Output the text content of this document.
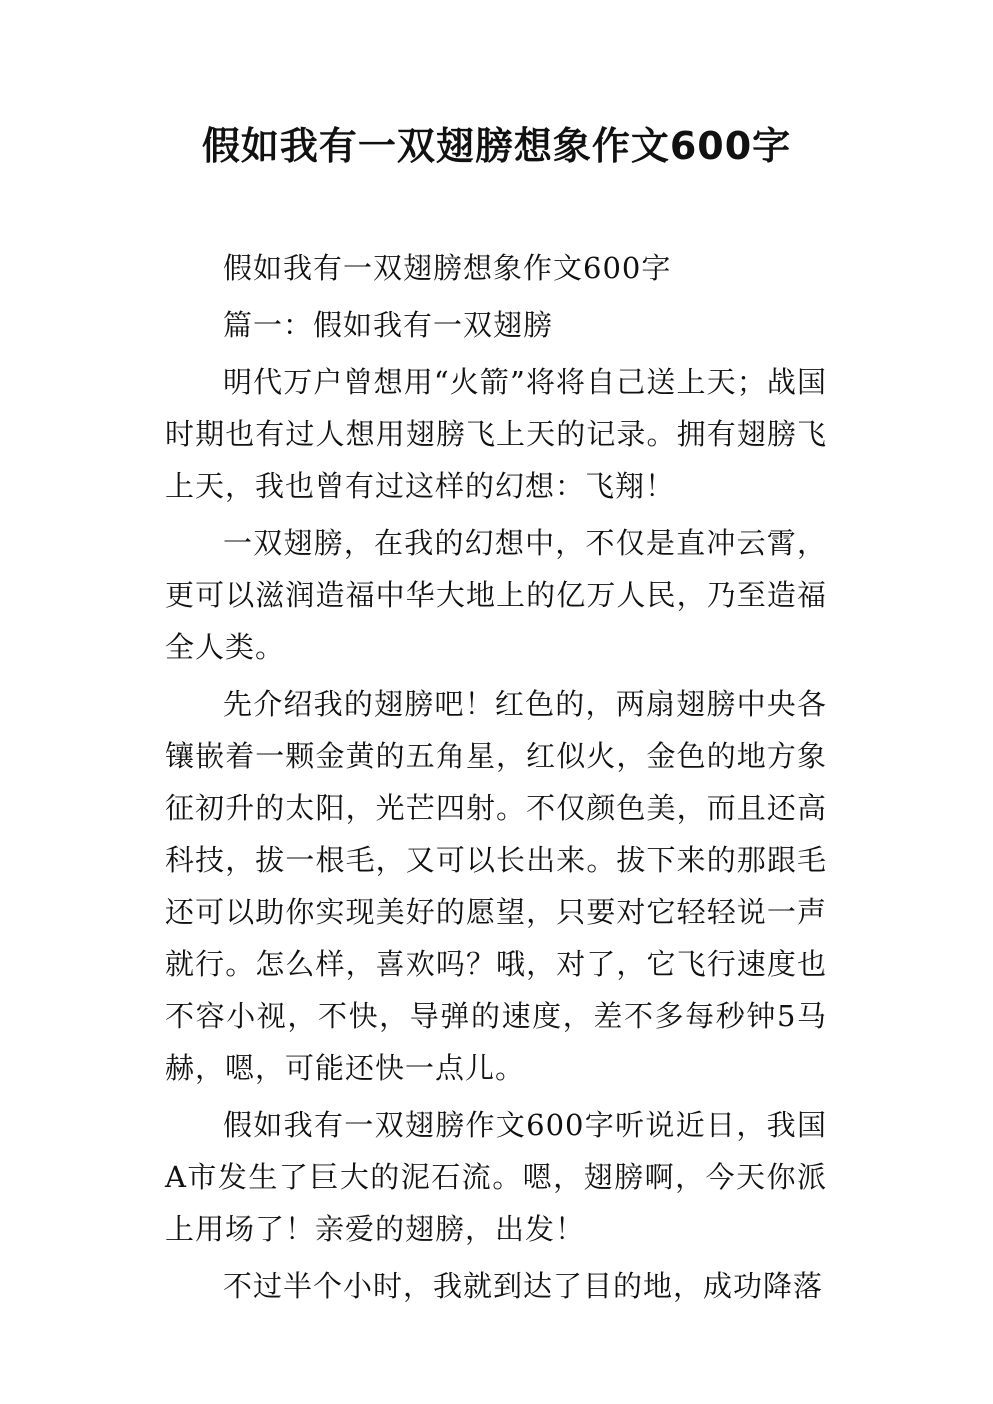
假如我有一双翅膀想象作文600字

假如我有一双翅膀想象作文600字

篇一：假如我有一双翅膀

明代万户曾想用“火箭”将将自己送上天；战国时期也有过人想用翅膀飞上天的记录。拥有翅膀飞上天，我也曾有过这样的幻想：飞翔！

一双翅膀，在我的幻想中，不仅是直冲云霄，更可以滋润造福中华大地上的亿万人民，乃至造福全人类。

先介绍我的翅膀吧！红色的，两扇翅膀中央各镶嵌着一颗金黄的五角星，红似火，金色的地方象征初升的太阳，光芒四射。不仅颜色美，而且还高科技，拔一根毛，又可以长出来。拔下来的那跟毛还可以助你实现美好的愿望，只要对它轻轻说一声就行。怎么样，喜欢吗？哦，对了，它飞行速度也不容小视，不快，导弹的速度，差不多每秒钟5马赫，嗯，可能还快一点儿。

假如我有一双翅膀作文600字听说近日，我国A市发生了巨大的泥石流。嗯，翅膀啊，今天你派上用场了！亲爱的翅膀，出发！

不过半个小时，我就到达了目的地，成功降落
